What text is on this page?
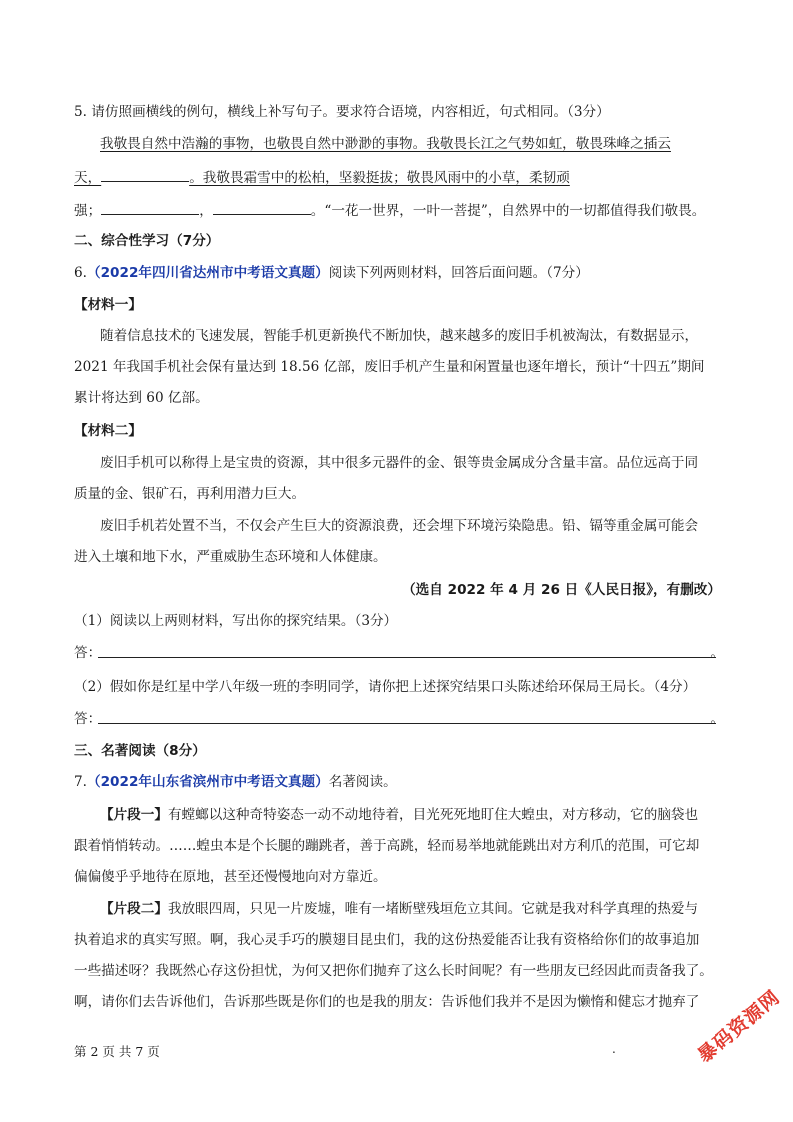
5. 请仿照画横线的例句，横线上补写句子。要求符合语境，内容相近，句式相同。（3分）
我敬畏自然中浩瀚的事物，也敬畏自然中渺渺的事物。我敬畏长江之气势如虹，敬畏珠峰之插云
天，	。我敬畏霜雪中的松柏，坚毅挺拔；敬畏风雨中的小草，柔韧顽
强；	，	。“一花一世界，一叶一菩提”，自然界中的一切都值得我们敬畏。
二、综合性学习（7分）
6.（2022年四川省达州市中考语文真题）阅读下列两则材料，回答后面问题。（7分）
【材料一】
随着信息技术的飞速发展，智能手机更新换代不断加快，越来越多的废旧手机被淘汰，有数据显示，
2021 年我国手机社会保有量达到 18.56 亿部，废旧手机产生量和闲置量也逐年增长，预计“十四五”期间
累计将达到 60 亿部。
【材料二】
废旧手机可以称得上是宝贵的资源，其中很多元器件的金、银等贵金属成分含量丰富。品位远高于同
质量的金、银矿石，再利用潜力巨大。
废旧手机若处置不当，不仅会产生巨大的资源浪费，还会埋下环境污染隐患。铅、镉等重金属可能会
进入土壤和地下水，严重威胁生态环境和人体健康。
（选自 2022 年 4 月 26 日《人民日报》，有删改）
（1）阅读以上两则材料，写出你的探究结果。（3分）
答：	。
（2）假如你是红星中学八年级一班的李明同学，请你把上述探究结果口头陈述给环保局王局长。（4分）
答：	。
三、名著阅读（8分）
7.（2022年山东省滨州市中考语文真题）名著阅读。
【片段一】有螳螂以这种奇特姿态一动不动地待着，目光死死地盯住大蝗虫，对方移动，它的脑袋也
跟着悄悄转动。……蝗虫本是个长腿的蹦跳者，善于高跳，轻而易举地就能跳出对方利爪的范围，可它却
偏偏傻乎乎地待在原地，甚至还慢慢地向对方靠近。
【片段二】我放眼四周，只见一片废墟，唯有一堵断壁残垣危立其间。它就是我对科学真理的热爱与
执着追求的真实写照。啊，我心灵手巧的膜翅目昆虫们，我的这份热爱能否让我有资格给你们的故事追加
一些描述呀？我既然心存这份担忧，为何又把你们抛弃了这么长时间呢？有一些朋友已经因此而责备我了。
啊，请你们去告诉他们，告诉那些既是你们的也是我的朋友：告诉他们我并不是因为懒惰和健忘才抛弃了
第 2 页 共 7 页	.	暴码资源网
